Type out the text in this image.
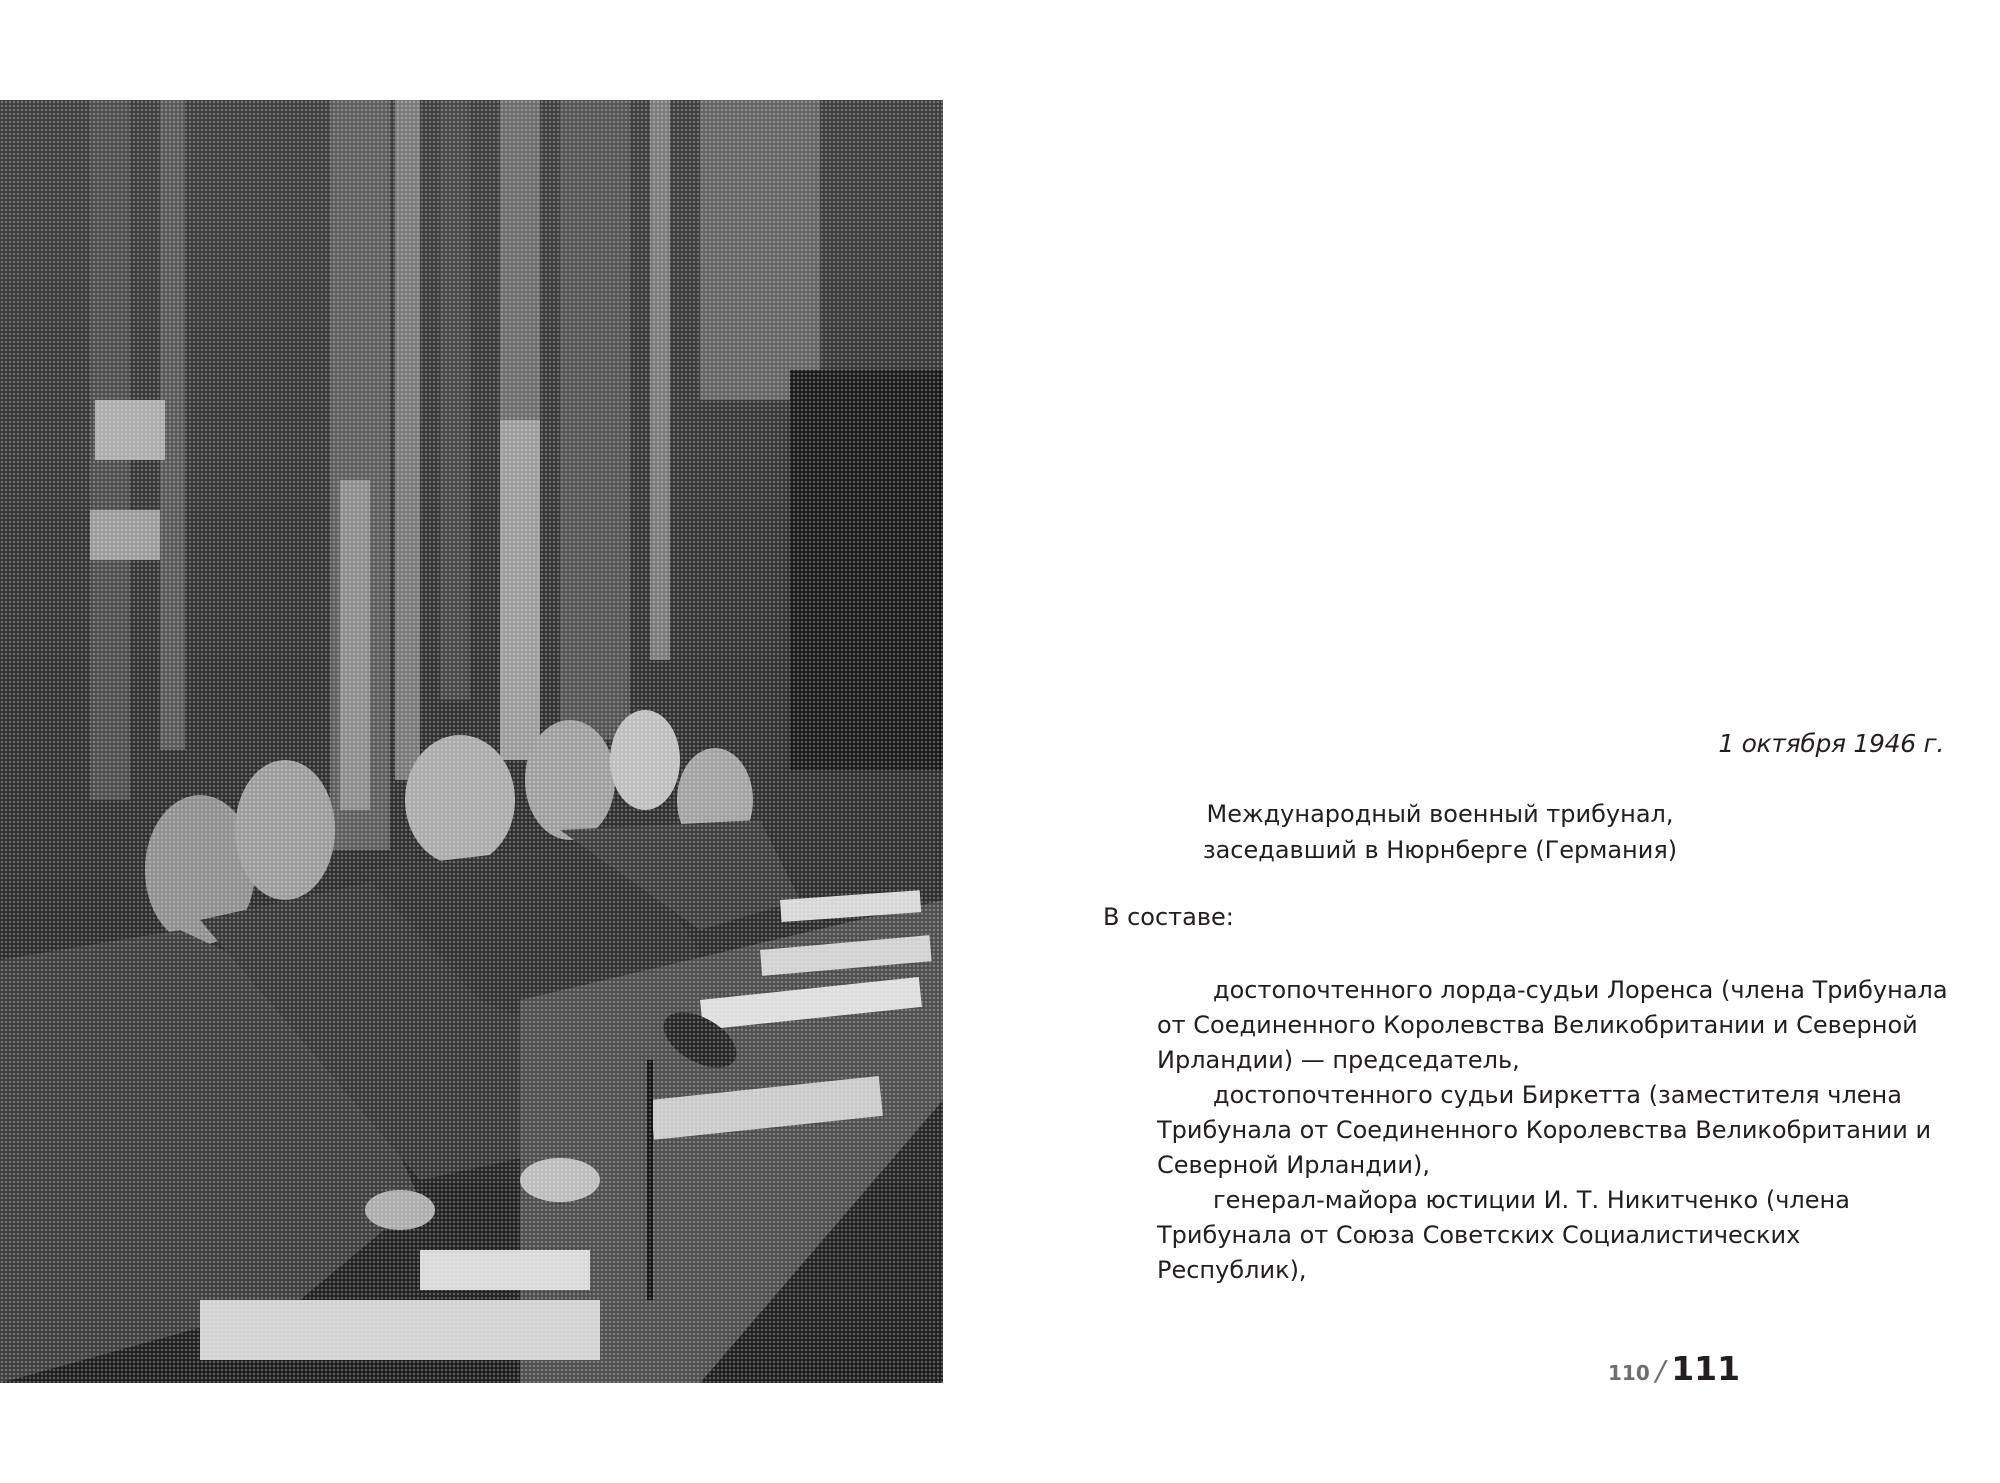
1 октября 1946 г.
Международный военный трибунал,
заседавший в Нюрнберге (Германия)
В составе:

достопочтенного лорда-судьи Лоренса (члена Трибунала от Соединенного Королевства Великобритании и Северной Ирландии) — председатель,

достопочтенного судьи Биркетта (заместителя члена Трибунала от Соединенного Королевства Великобритании и Северной Ирландии),

генерал-майора юстиции И. Т. Никитченко (члена Трибунала от Союза Советских Социалистических Республик),

110 / 111
